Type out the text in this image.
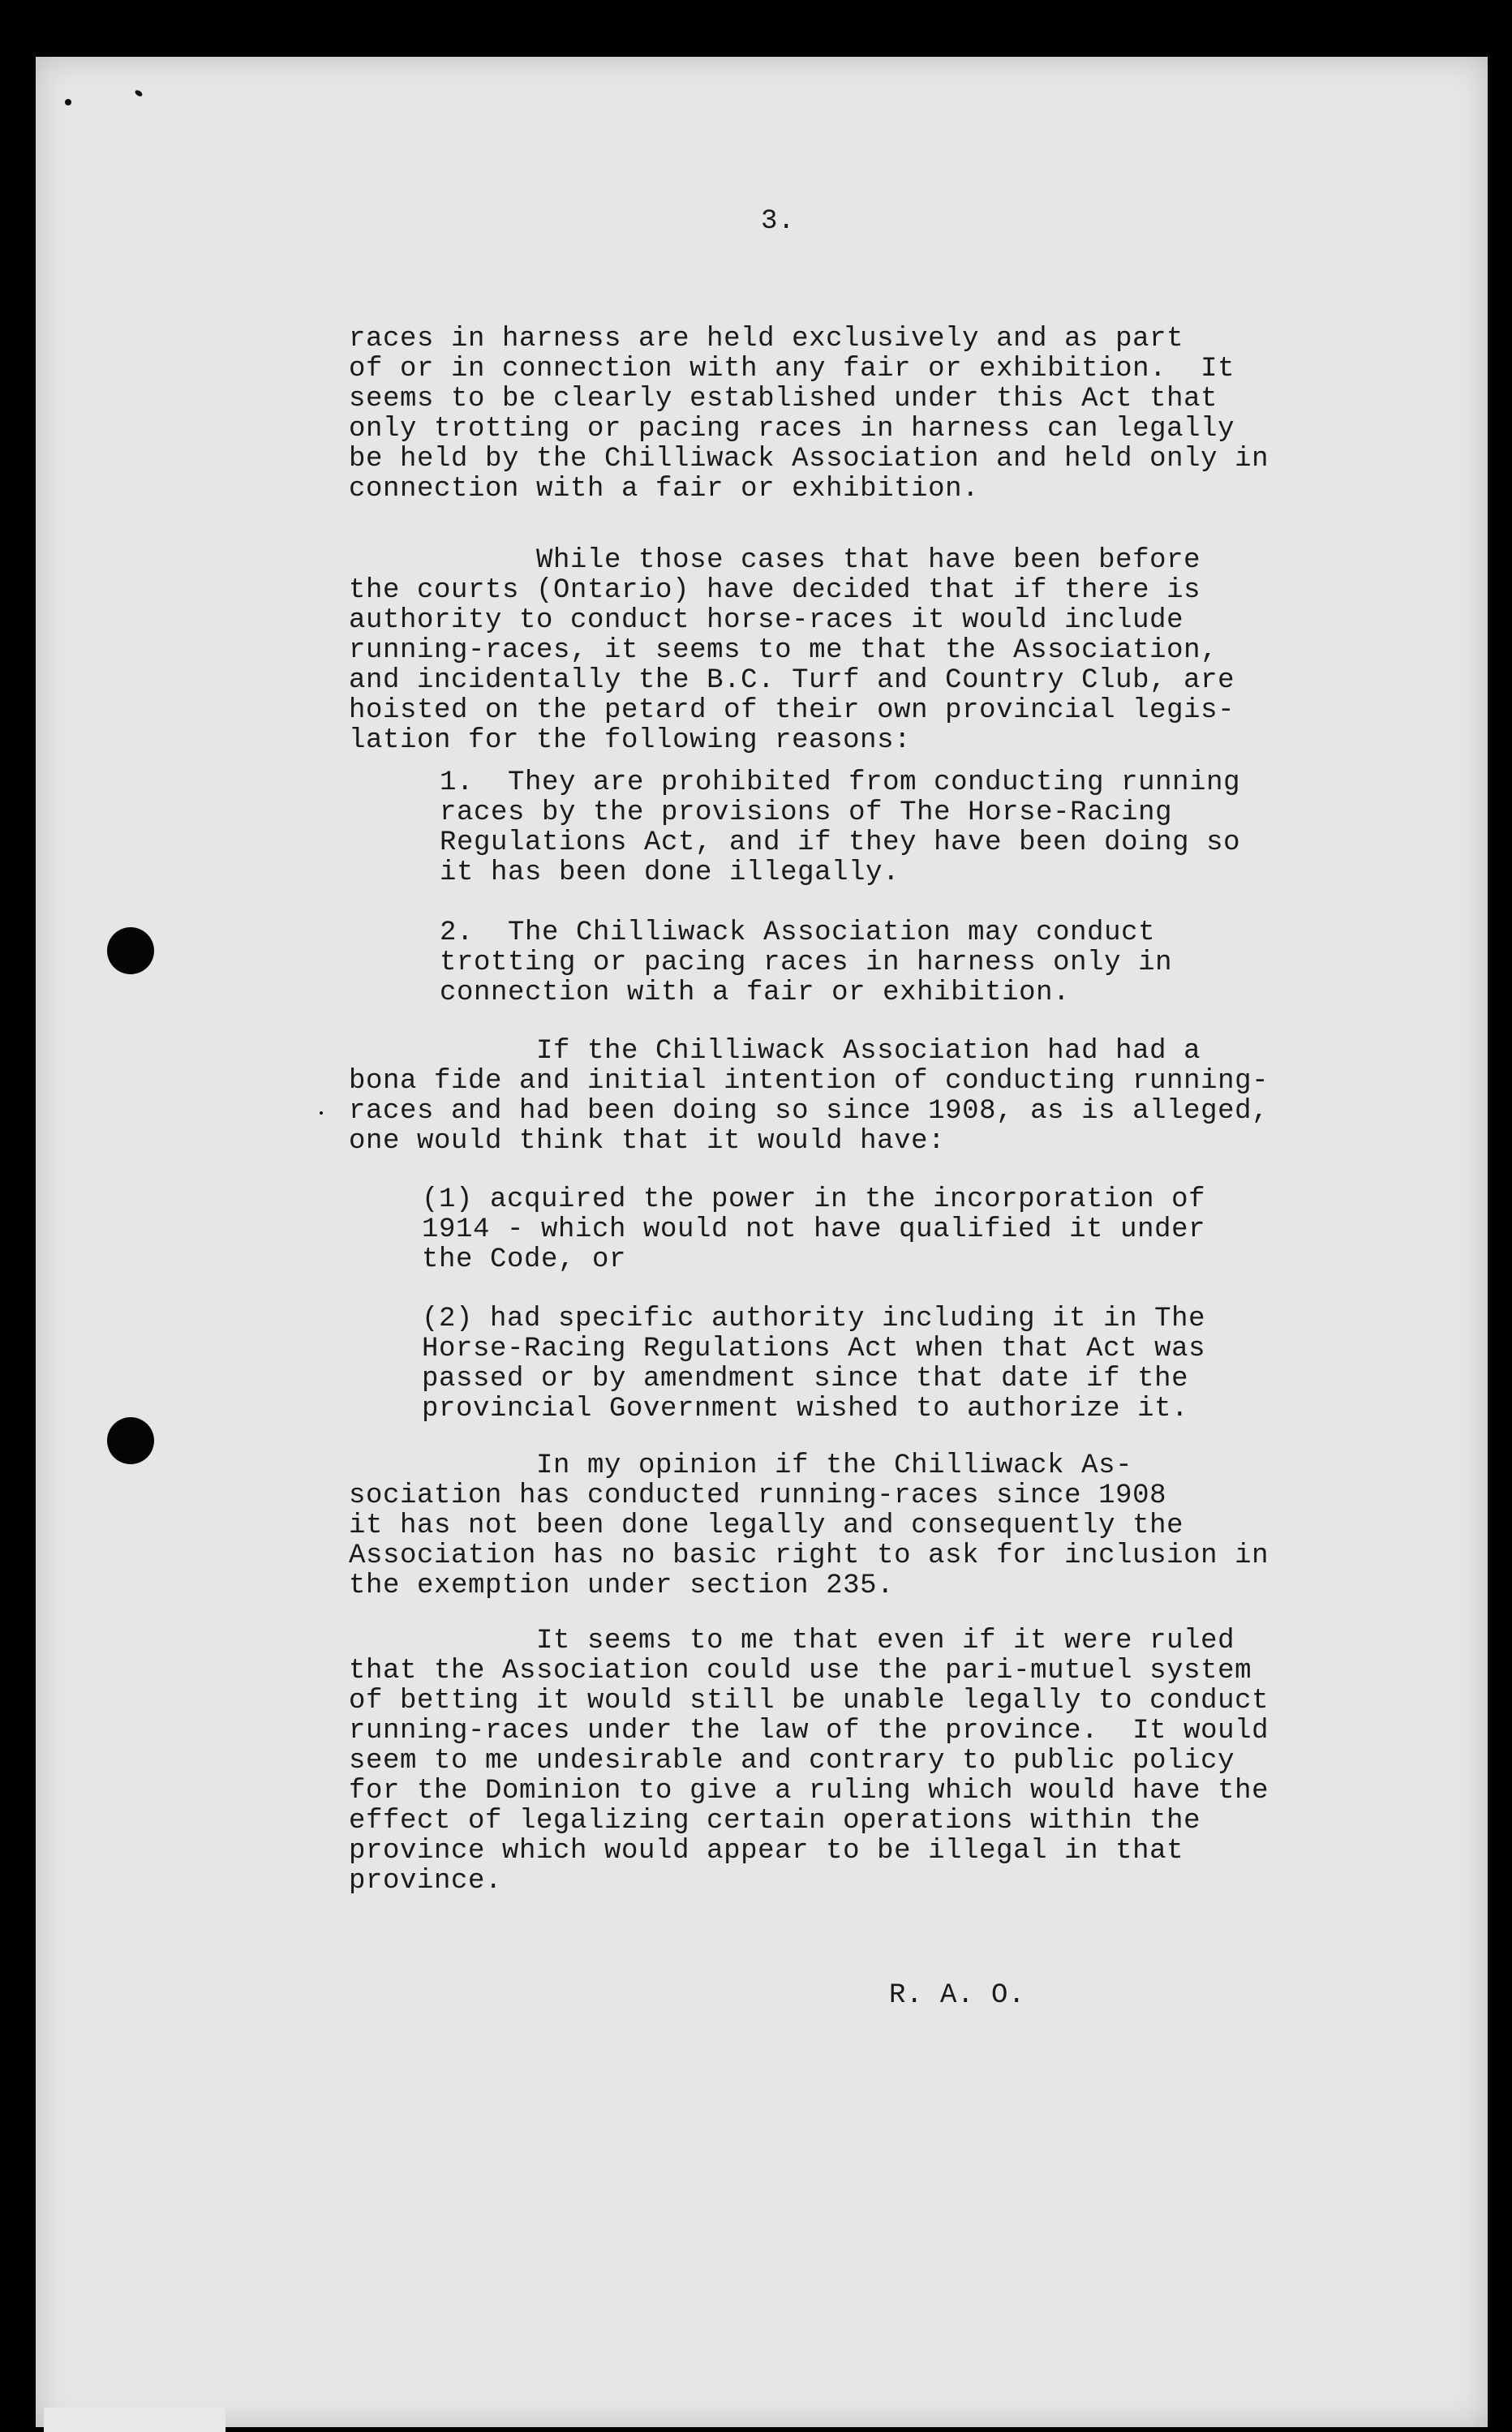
3.

races in harness are held exclusively and as part
of or in connection with any fair or exhibition.  It
seems to be clearly established under this Act that
only trotting or pacing races in harness can legally
be held by the Chilliwack Association and held only in
connection with a fair or exhibition.

While those cases that have been before
the courts (Ontario) have decided that if there is
authority to conduct horse-races it would include
running-races, it seems to me that the Association,
and incidentally the B.C. Turf and Country Club, are
hoisted on the petard of their own provincial legis-
lation for the following reasons:

1.  They are prohibited from conducting running
races by the provisions of The Horse-Racing
Regulations Act, and if they have been doing so
it has been done illegally.

2.  The Chilliwack Association may conduct
trotting or pacing races in harness only in
connection with a fair or exhibition.

If the Chilliwack Association had had a
bona fide and initial intention of conducting running-
races and had been doing so since 1908, as is alleged,
one would think that it would have:

(1) acquired the power in the incorporation of
1914 - which would not have qualified it under
the Code, or

(2) had specific authority including it in The
Horse-Racing Regulations Act when that Act was
passed or by amendment since that date if the
provincial Government wished to authorize it.

In my opinion if the Chilliwack As-
sociation has conducted running-races since 1908
it has not been done legally and consequently the
Association has no basic right to ask for inclusion in
the exemption under section 235.

It seems to me that even if it were ruled
that the Association could use the pari-mutuel system
of betting it would still be unable legally to conduct
running-races under the law of the province.  It would
seem to me undesirable and contrary to public policy
for the Dominion to give a ruling which would have the
effect of legalizing certain operations within the
province which would appear to be illegal in that
province.

R. A. O.
